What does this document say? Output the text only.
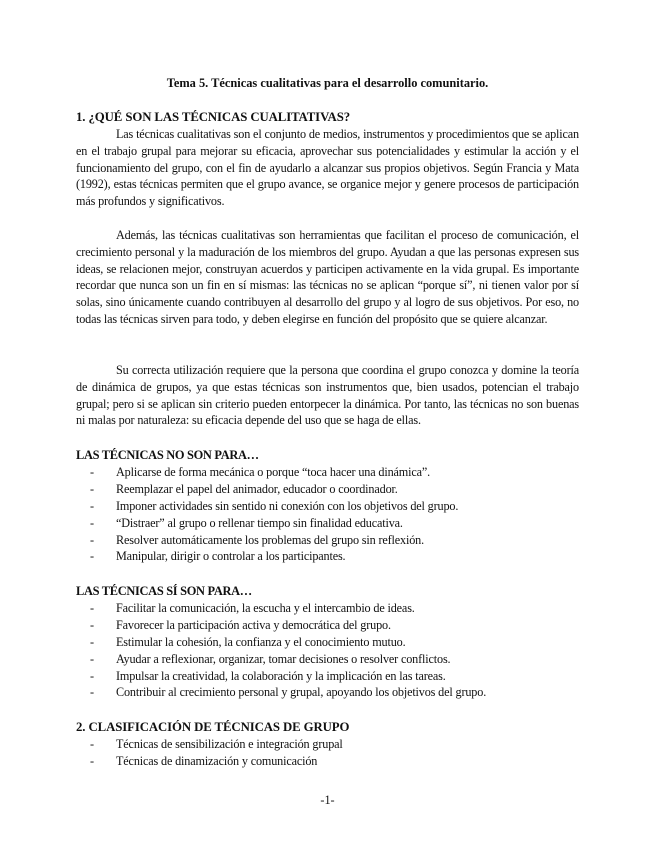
Tema 5. Técnicas cualitativas para el desarrollo comunitario.
1. ¿QUÉ SON LAS TÉCNICAS CUALITATIVAS?

Las técnicas cualitativas son el conjunto de medios, instrumentos y procedimientos que se aplican en el trabajo grupal para mejorar su eficacia, aprovechar sus potencialidades y estimular la acción y el funcionamiento del grupo, con el fin de ayudarlo a alcanzar sus propios objetivos. Según Francia y Mata (1992), estas técnicas permiten que el grupo avance, se organice mejor y genere procesos de participación más profundos y significativos.

Además, las técnicas cualitativas son herramientas que facilitan el proceso de comunicación, el crecimiento personal y la maduración de los miembros del grupo. Ayudan a que las personas expresen sus ideas, se relacionen mejor, construyan acuerdos y participen activamente en la vida grupal. Es importante recordar que nunca son un fin en sí mismas: las técnicas no se aplican “porque sí”, ni tienen valor por sí solas, sino únicamente cuando contribuyen al desarrollo del grupo y al logro de sus objetivos. Por eso, no todas las técnicas sirven para todo, y deben elegirse en función del propósito que se quiere alcanzar.

Su correcta utilización requiere que la persona que coordina el grupo conozca y domine la teoría de dinámica de grupos, ya que estas técnicas son instrumentos que, bien usados, potencian el trabajo grupal; pero si se aplican sin criterio pueden entorpecer la dinámica. Por tanto, las técnicas no son buenas ni malas por naturaleza: su eficacia depende del uso que se haga de ellas.

LAS TÉCNICAS NO SON PARA…
- Aplicarse de forma mecánica o porque “toca hacer una dinámica”.
- Reemplazar el papel del animador, educador o coordinador.
- Imponer actividades sin sentido ni conexión con los objetivos del grupo.
- “Distraer” al grupo o rellenar tiempo sin finalidad educativa.
- Resolver automáticamente los problemas del grupo sin reflexión.
- Manipular, dirigir o controlar a los participantes.
LAS TÉCNICAS SÍ SON PARA…
- Facilitar la comunicación, la escucha y el intercambio de ideas.
- Favorecer la participación activa y democrática del grupo.
- Estimular la cohesión, la confianza y el conocimiento mutuo.
- Ayudar a reflexionar, organizar, tomar decisiones o resolver conflictos.
- Impulsar la creatividad, la colaboración y la implicación en las tareas.
- Contribuir al crecimiento personal y grupal, apoyando los objetivos del grupo.
2. CLASIFICACIÓN DE TÉCNICAS DE GRUPO
- Técnicas de sensibilización e integración grupal
- Técnicas de dinamización y comunicación
-1-
